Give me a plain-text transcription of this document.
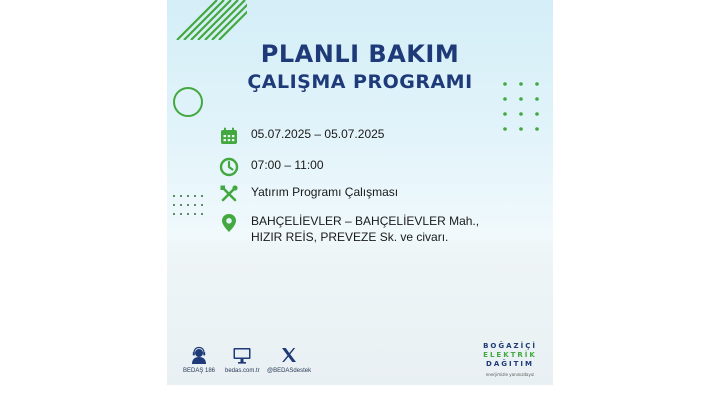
PLANLI BAKIM
ÇALIŞMA PROGRAMI
05.07.2025 – 05.07.2025
07:00 – 11:00
Yatırım Programı Çalışması
BAHÇELİEVLER – BAHÇELİEVLER Mah.,
HIZIR REİS, PREVEZE Sk. ve civarı.
BEDAŞ 186 bedas.com.tr @BEDASdestek
BOĞAZİÇİ
ELEKTRİK
DAĞITIM
enerjimizle yanınızdayız
